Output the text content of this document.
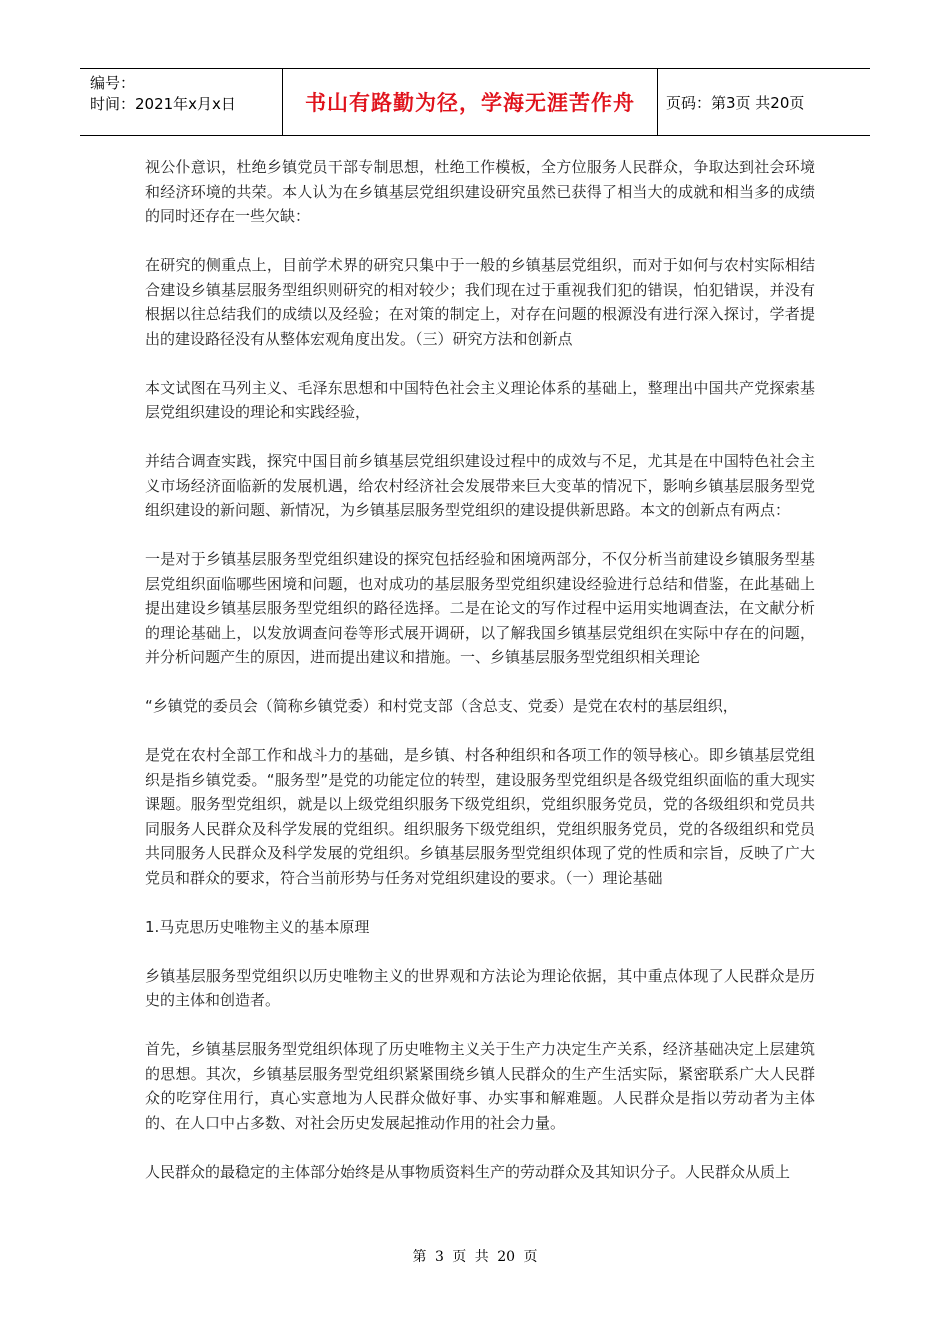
编号：
时间：2021年x月x日	书山有路勤为径，学海无涯苦作舟	页码：第3页 共20页

视公仆意识，杜绝乡镇党员干部专制思想，杜绝工作模板，全方位服务人民群众，争取达到社会环境和经济环境的共荣。本人认为在乡镇基层党组织建设研究虽然已获得了相当大的成就和相当多的成绩的同时还存在一些欠缺：

在研究的侧重点上，目前学术界的研究只集中于一般的乡镇基层党组织，而对于如何与农村实际相结合建设乡镇基层服务型组织则研究的相对较少；我们现在过于重视我们犯的错误，怕犯错误，并没有根据以往总结我们的成绩以及经验；在对策的制定上，对存在问题的根源没有进行深入探讨，学者提出的建设路径没有从整体宏观角度出发。（三）研究方法和创新点

本文试图在马列主义、毛泽东思想和中国特色社会主义理论体系的基础上，整理出中国共产党探索基层党组织建设的理论和实践经验，

并结合调查实践，探究中国目前乡镇基层党组织建设过程中的成效与不足，尤其是在中国特色社会主义市场经济面临新的发展机遇，给农村经济社会发展带来巨大变革的情况下，影响乡镇基层服务型党组织建设的新问题、新情况，为乡镇基层服务型党组织的建设提供新思路。本文的创新点有两点：

一是对于乡镇基层服务型党组织建设的探究包括经验和困境两部分，不仅分析当前建设乡镇服务型基层党组织面临哪些困境和问题，也对成功的基层服务型党组织建设经验进行总结和借鉴，在此基础上提出建设乡镇基层服务型党组织的路径选择。二是在论文的写作过程中运用实地调查法，在文献分析的理论基础上，以发放调查问卷等形式展开调研，以了解我国乡镇基层党组织在实际中存在的问题，并分析问题产生的原因，进而提出建议和措施。一、乡镇基层服务型党组织相关理论

“乡镇党的委员会（简称乡镇党委）和村党支部（含总支、党委）是党在农村的基层组织，

是党在农村全部工作和战斗力的基础，是乡镇、村各种组织和各项工作的领导核心。即乡镇基层党组织是指乡镇党委。“服务型”是党的功能定位的转型，建设服务型党组织是各级党组织面临的重大现实课题。服务型党组织，就是以上级党组织服务下级党组织，党组织服务党员，党的各级组织和党员共同服务人民群众及科学发展的党组织。组织服务下级党组织，党组织服务党员，党的各级组织和党员共同服务人民群众及科学发展的党组织。乡镇基层服务型党组织体现了党的性质和宗旨，反映了广大党员和群众的要求，符合当前形势与任务对党组织建设的要求。（一）理论基础

1.马克思历史唯物主义的基本原理

乡镇基层服务型党组织以历史唯物主义的世界观和方法论为理论依据，其中重点体现了人民群众是历史的主体和创造者。

首先，乡镇基层服务型党组织体现了历史唯物主义关于生产力决定生产关系，经济基础决定上层建筑的思想。其次，乡镇基层服务型党组织紧紧围绕乡镇人民群众的生产生活实际，紧密联系广大人民群众的吃穿住用行，真心实意地为人民群众做好事、办实事和解难题。人民群众是指以劳动者为主体的、在人口中占多数、对社会历史发展起推动作用的社会力量。

人民群众的最稳定的主体部分始终是从事物质资料生产的劳动群众及其知识分子。人民群众从质上

第 3 页 共 20 页
